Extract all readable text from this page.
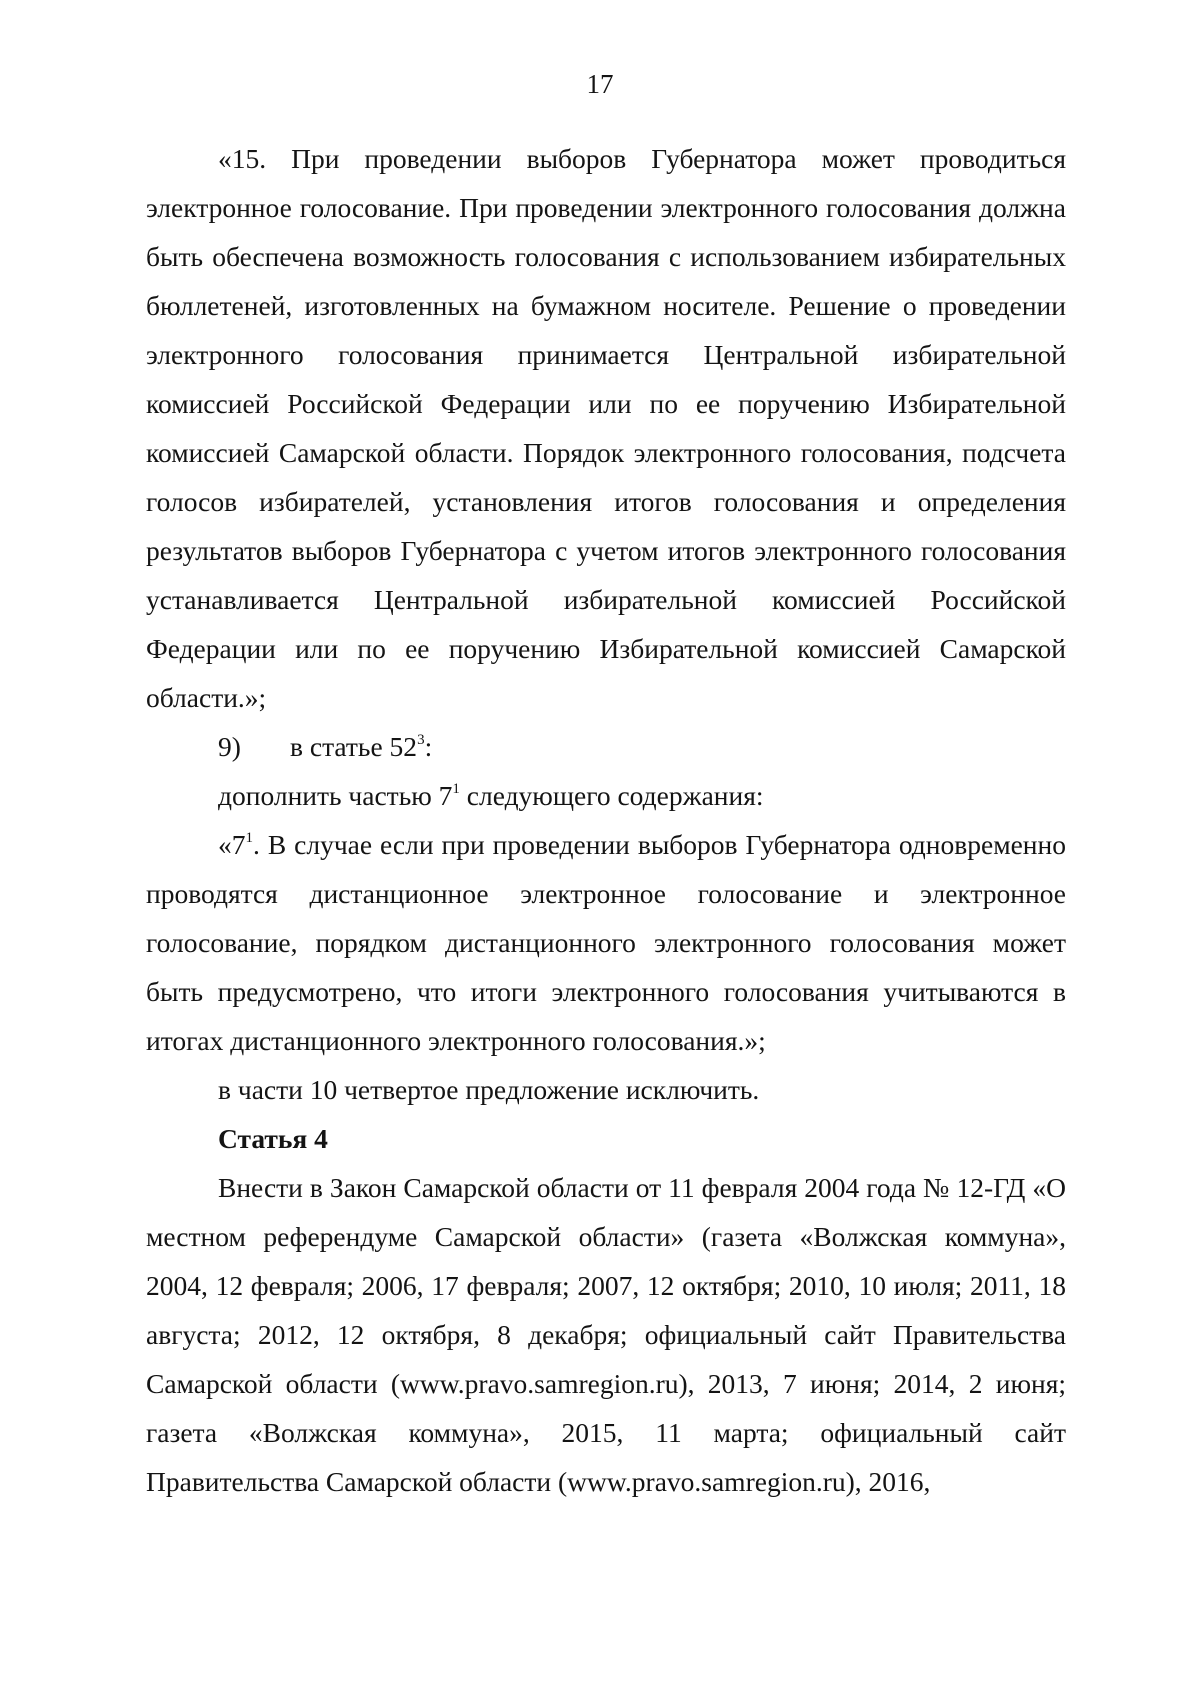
17

«15. При проведении выборов Губернатора может проводиться электронное голосование. При проведении электронного голосования должна быть обеспечена возможность голосования с использованием избирательных бюллетеней, изготовленных на бумажном носителе. Решение о проведении электронного голосования принимается Центральной избирательной комиссией Российской Федерации или по ее поручению Избирательной комиссией Самарской области. Порядок электронного голосования, подсчета голосов избирателей, установления итогов голосования и определения результатов выборов Губернатора с учетом итогов электронного голосования устанавливается Центральной избирательной комиссией Российской Федерации или по ее поручению Избирательной комиссией Самарской области.»;

9) в статье $52^3$:

дополнить частью $7^1$ следующего содержания:

«$7^1$. В случае если при проведении выборов Губернатора одновременно проводятся дистанционное электронное голосование и электронное голосование, порядком дистанционного электронного голосования может быть предусмотрено, что итоги электронного голосования учитываются в итогах дистанционного электронного голосования.»;

в части 10 четвертое предложение исключить.

Статья 4

Внести в Закон Самарской области от 11 февраля 2004 года № 12-ГД «О местном референдуме Самарской области» (газета «Волжская коммуна», 2004, 12 февраля; 2006, 17 февраля; 2007, 12 октября; 2010, 10 июля; 2011, 18 августа; 2012, 12 октября, 8 декабря; официальный сайт Правительства Самарской области (www.pravo.samregion.ru), 2013, 7 июня; 2014, 2 июня; газета «Волжская коммуна», 2015, 11 марта; официальный сайт Правительства Самарской области (www.pravo.samregion.ru), 2016,
